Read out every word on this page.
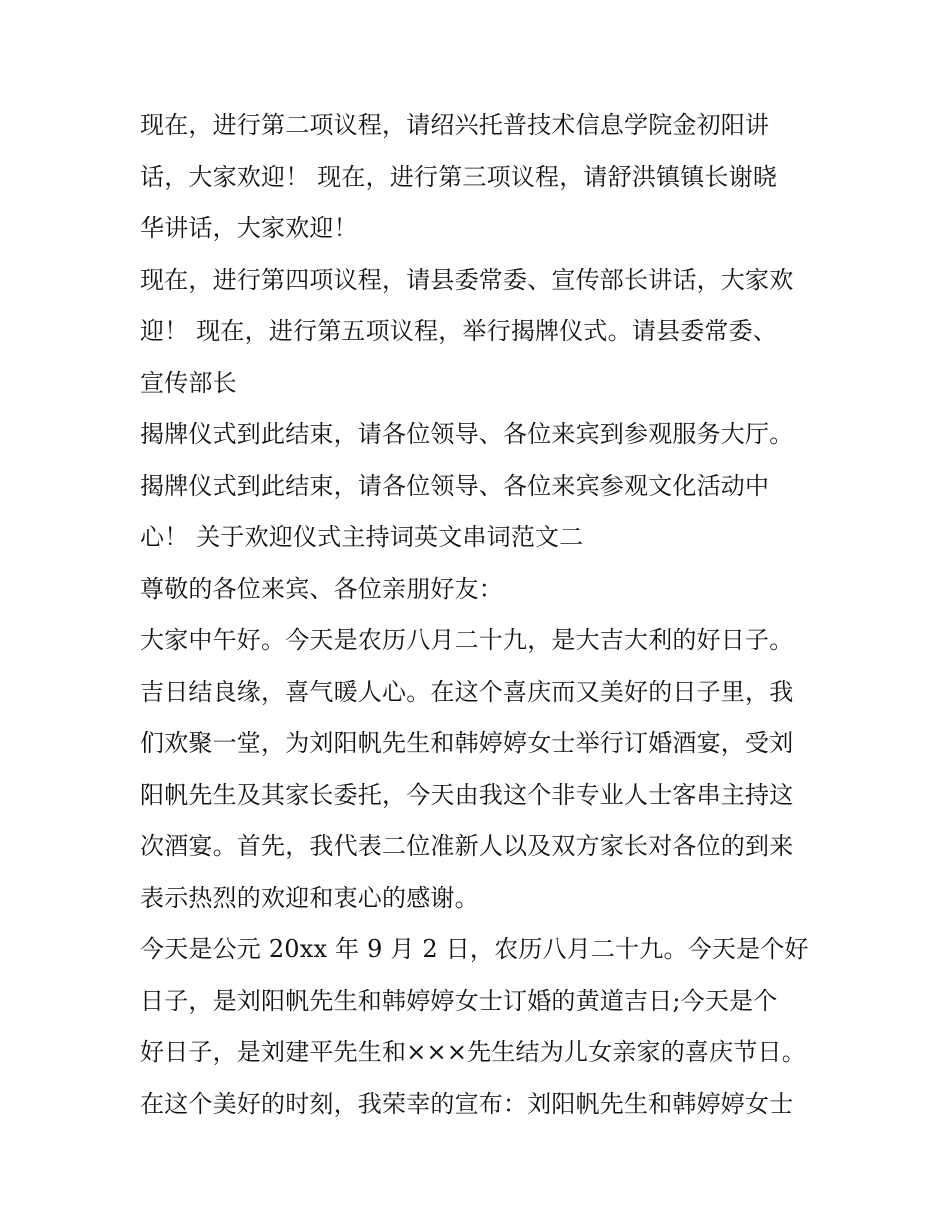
现在，进行第二项议程，请绍兴托普技术信息学院金初阳讲
话，大家欢迎！ 现在，进行第三项议程，请舒洪镇镇长谢晓
华讲话，大家欢迎！
现在，进行第四项议程，请县委常委、宣传部长讲话，大家欢
迎！ 现在，进行第五项议程，举行揭牌仪式。请县委常委、
宣传部长
揭牌仪式到此结束，请各位领导、各位来宾到参观服务大厅。
揭牌仪式到此结束，请各位领导、各位来宾参观文化活动中
心！ 关于欢迎仪式主持词英文串词范文二
尊敬的各位来宾、各位亲朋好友：
大家中午好。今天是农历八月二十九，是大吉大利的好日子。
吉日结良缘，喜气暖人心。在这个喜庆而又美好的日子里，我
们欢聚一堂，为刘阳帆先生和韩婷婷女士举行订婚酒宴，受刘
阳帆先生及其家长委托，今天由我这个非专业人士客串主持这
次酒宴。首先，我代表二位准新人以及双方家长对各位的到来
表示热烈的欢迎和衷心的感谢。
今天是公元 20xx 年 9 月 2 日，农历八月二十九。今天是个好
日子，是刘阳帆先生和韩婷婷女士订婚的黄道吉日;今天是个
好日子，是刘建平先生和×××先生结为儿女亲家的喜庆节日。
在这个美好的时刻，我荣幸的宣布：刘阳帆先生和韩婷婷女士
